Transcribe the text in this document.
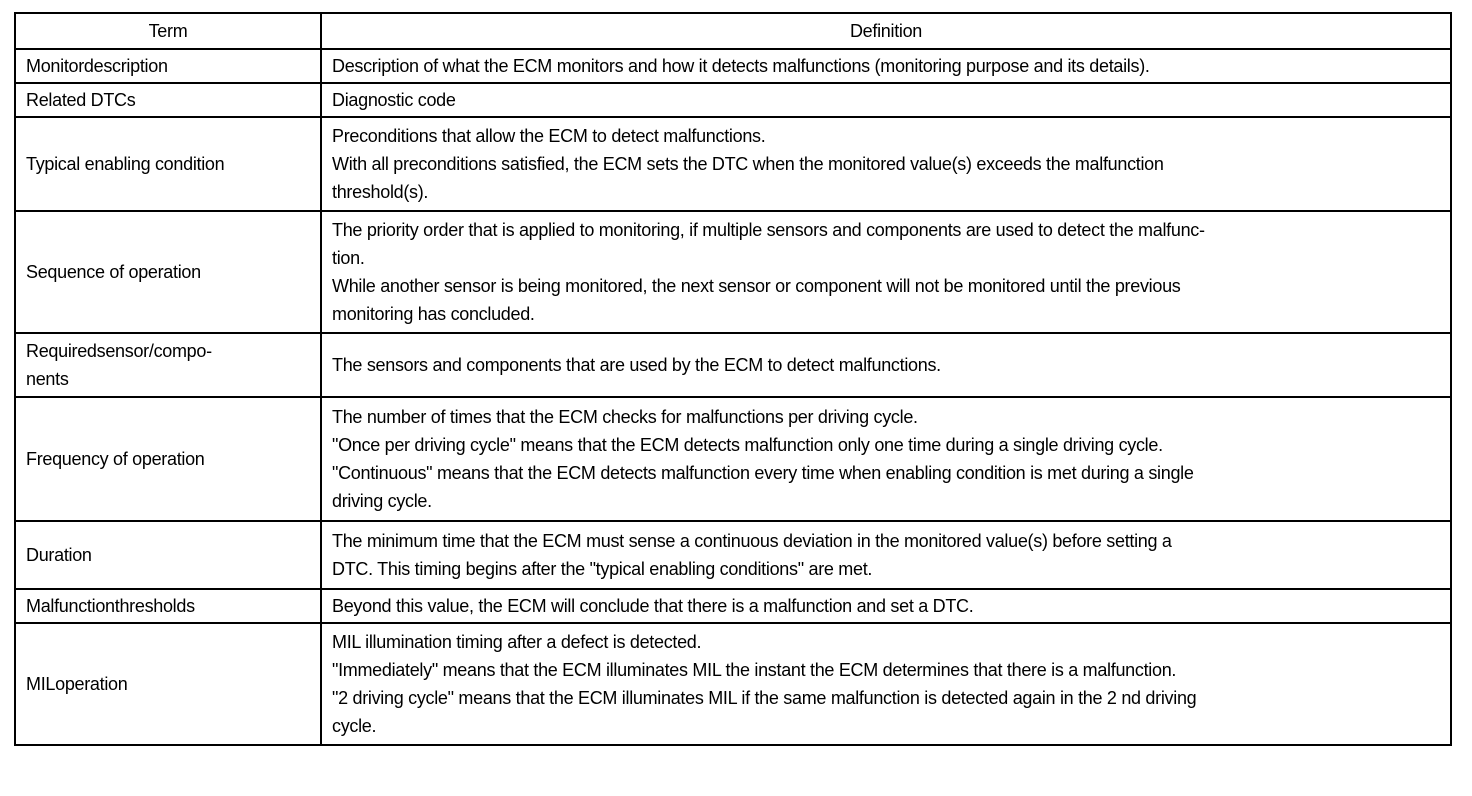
Term	Definition

Monitordescription	Description of what the ECM monitors and how it detects malfunctions (monitoring purpose and its details).

Related DTCs	Diagnostic code

Typical enabling condition	Preconditions that allow the ECM to detect malfunctions.
With all preconditions satisfied, the ECM sets the DTC when the monitored value(s) exceeds the malfunction
threshold(s).

Sequence of operation	The priority order that is applied to monitoring, if multiple sensors and components are used to detect the malfunc-
tion.
While another sensor is being monitored, the next sensor or component will not be monitored until the previous
monitoring has concluded.

Requiredsensor/compo-
nents	The sensors and components that are used by the ECM to detect malfunctions.

Frequency of operation	The number of times that the ECM checks for malfunctions per driving cycle.
"Once per driving cycle" means that the ECM detects malfunction only one time during a single driving cycle.
"Continuous" means that the ECM detects malfunction every time when enabling condition is met during a single
driving cycle.

Duration	The minimum time that the ECM must sense a continuous deviation in the monitored value(s) before setting a
DTC. This timing begins after the "typical enabling conditions" are met.

Malfunctionthresholds	Beyond this value, the ECM will conclude that there is a malfunction and set a DTC.

MILoperation	MIL illumination timing after a defect is detected.
"Immediately" means that the ECM illuminates MIL the instant the ECM determines that there is a malfunction.
"2 driving cycle" means that the ECM illuminates MIL if the same malfunction is detected again in the 2 nd driving
cycle.
